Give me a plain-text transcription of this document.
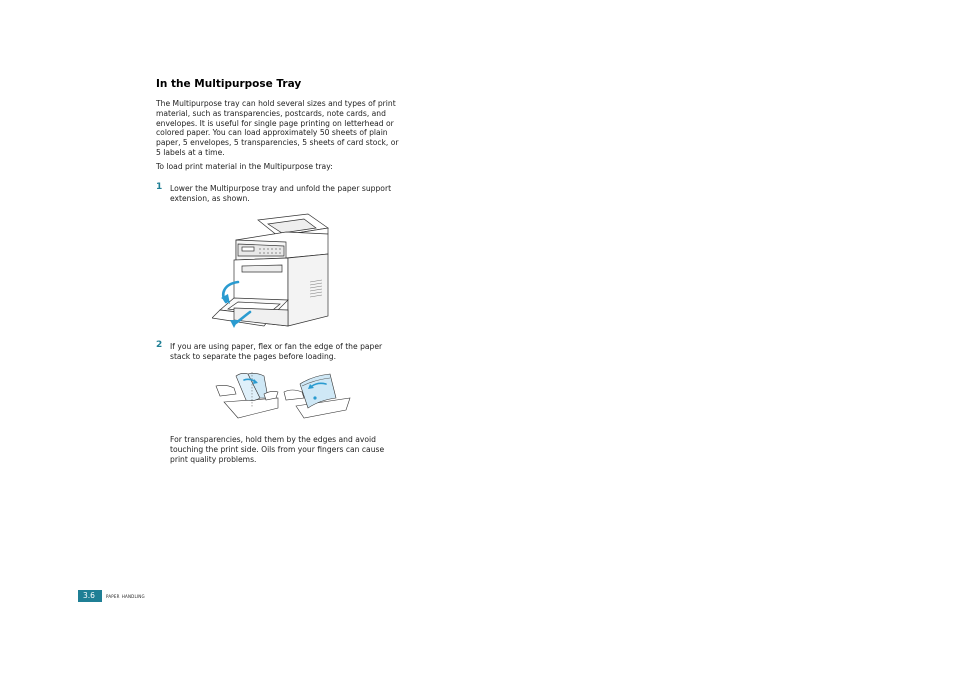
In the Multipurpose Tray

The Multipurpose tray can hold several sizes and types of print material, such as transparencies, postcards, note cards, and envelopes. It is useful for single page printing on letterhead or colored paper. You can load approximately 50 sheets of plain paper, 5 envelopes, 5 transparencies, 5 sheets of card stock, or 5 labels at a time.

To load print material in the Multipurpose tray:

1 Lower the Multipurpose tray and unfold the paper support extension, as shown.

2 If you are using paper, flex or fan the edge of the paper stack to separate the pages before loading.

For transparencies, hold them by the edges and avoid touching the print side. Oils from your fingers can cause print quality problems.

3.6	paper handling
